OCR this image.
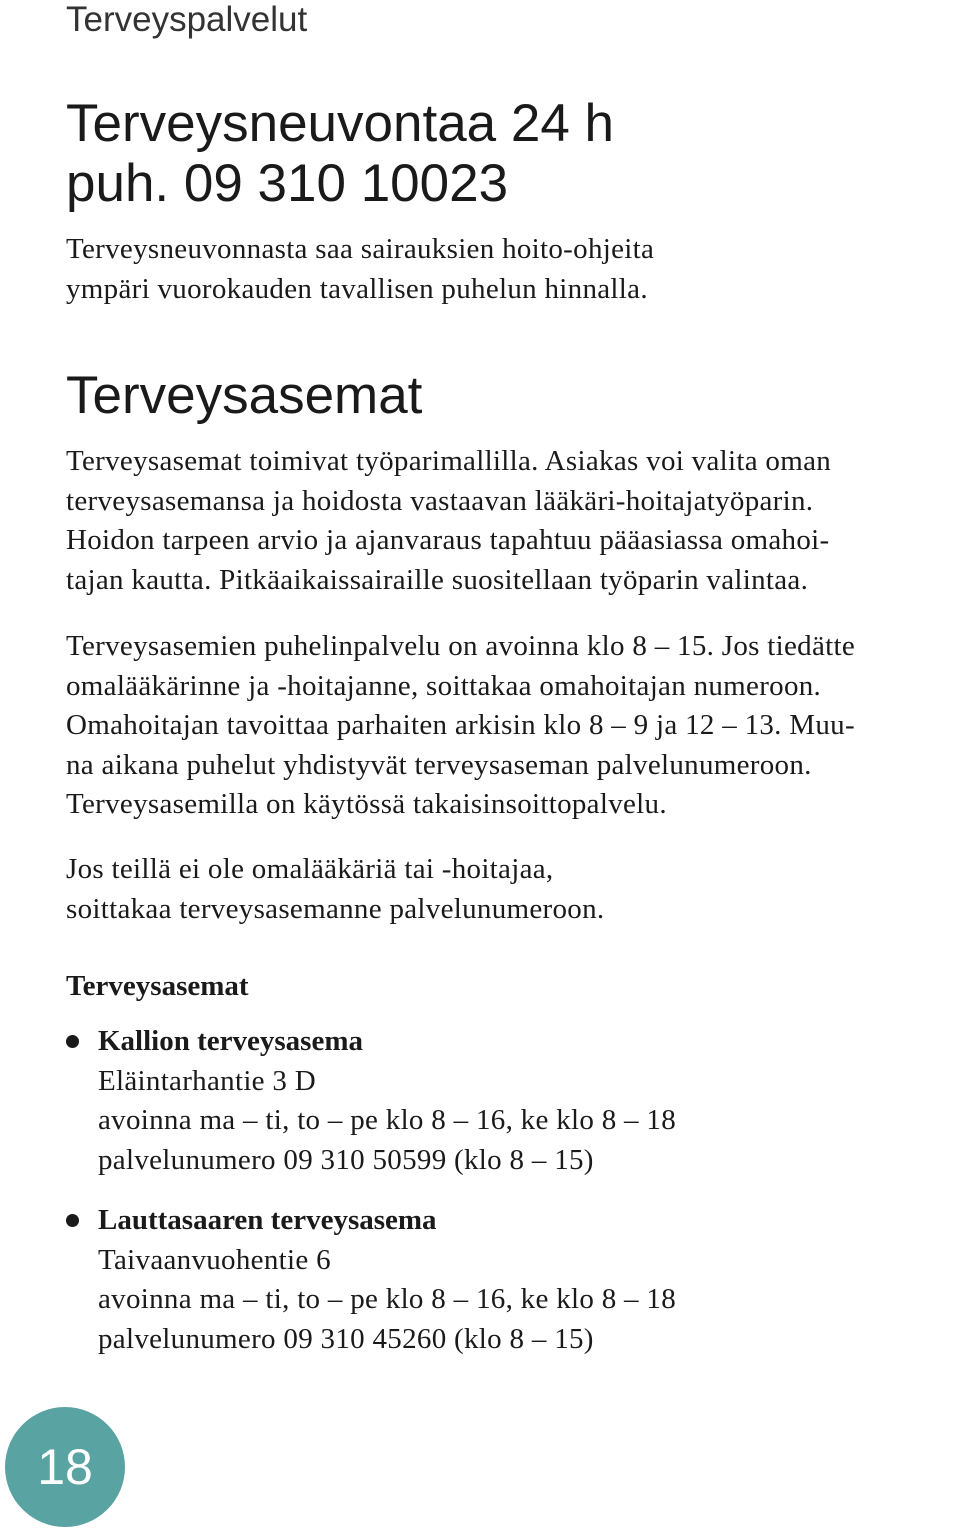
Terveyspalvelut
Terveysneuvontaa 24 h
puh. 09 310 10023
Terveysneuvonnasta saa sairauksien hoito-ohjeita
ympäri vuorokauden tavallisen puhelun hinnalla.
Terveysasemat
Terveysasemat toimivat työparimallilla. Asiakas voi valita oman
terveysasemansa ja hoidosta vastaavan lääkäri-hoitajatyöparin.
Hoidon tarpeen arvio ja ajanvaraus tapahtuu pääasiassa omahoi-
tajan kautta. Pitkäaikaissairaille suositellaan työparin valintaa.
Terveysasemien puhelinpalvelu on avoinna klo 8 – 15. Jos tiedätte
omalääkärinne ja -hoitajanne, soittakaa omahoitajan numeroon.
Omahoitajan tavoittaa parhaiten arkisin klo 8 – 9 ja 12 – 13. Muu-
na aikana puhelut yhdistyvät terveysaseman palvelunumeroon.
Terveysasemilla on käytössä takaisinsoittopalvelu.
Jos teillä ei ole omalääkäriä tai -hoitajaa,
soittakaa terveysasemanne palvelunumeroon.
Terveysasemat
Kallion terveysasema
Eläintarhantie 3 D
avoinna ma – ti, to – pe klo 8 – 16, ke klo 8 – 18
palvelunumero 09 310 50599 (klo 8 – 15)
Lauttasaaren terveysasema
Taivaanvuohentie 6
avoinna ma – ti, to – pe klo 8 – 16, ke klo 8 – 18
palvelunumero 09 310 45260 (klo 8 – 15)
18
